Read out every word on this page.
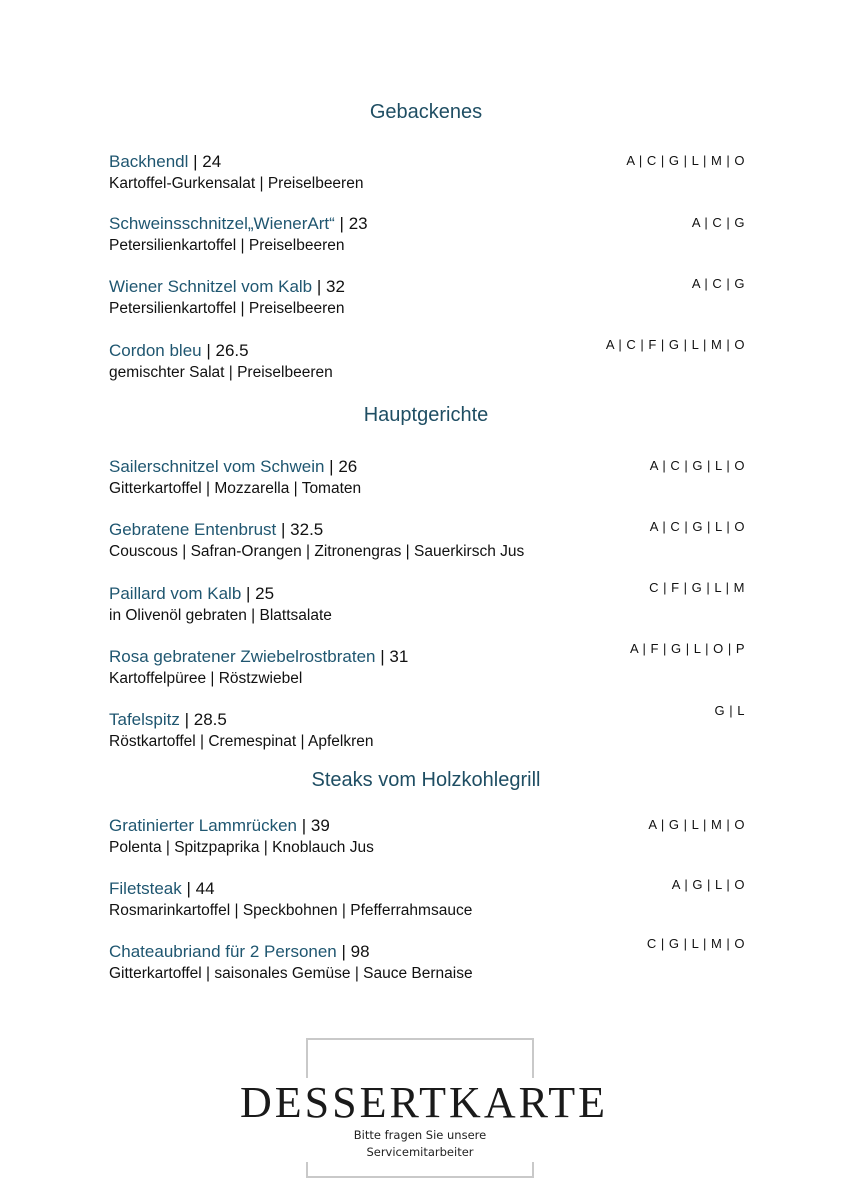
Gebackenes
Hauptgerichte
Steaks vom Holzkohlegrill
Backhendl | 24
Kartoffel-Gurkensalat | Preiselbeeren
A | C | G | L | M | O
Schweinsschnitzel„WienerArt“ | 23
Petersilienkartoffel | Preiselbeeren
A | C | G
Wiener Schnitzel vom Kalb | 32
Petersilienkartoffel | Preiselbeeren
A | C | G
Cordon bleu | 26.5
gemischter Salat | Preiselbeeren
A | C | F | G | L | M | O
Sailerschnitzel vom Schwein | 26
Gitterkartoffel | Mozzarella | Tomaten
A | C | G | L | O
Gebratene Entenbrust | 32.5
Couscous | Safran-Orangen | Zitronengras | Sauerkirsch Jus
A | C | G | L | O
Paillard vom Kalb | 25
in Olivenöl gebraten | Blattsalate
C | F | G | L | M
Rosa gebratener Zwiebelrostbraten | 31
Kartoffelpüree | Röstzwiebel
A | F | G | L | O | P
Tafelspitz | 28.5
Röstkartoffel | Cremespinat | Apfelkren
G | L
Gratinierter Lammrücken | 39
Polenta | Spitzpaprika | Knoblauch Jus
A | G | L | M | O
Filetsteak | 44
Rosmarinkartoffel | Speckbohnen | Pfefferrahmsauce
A | G | L | O
Chateaubriand für 2 Personen | 98
Gitterkartoffel | saisonales Gemüse | Sauce Bernaise
C | G | L | M | O
DESSERTKARTE
Bitte fragen Sie unsere
Servicemitarbeiter
